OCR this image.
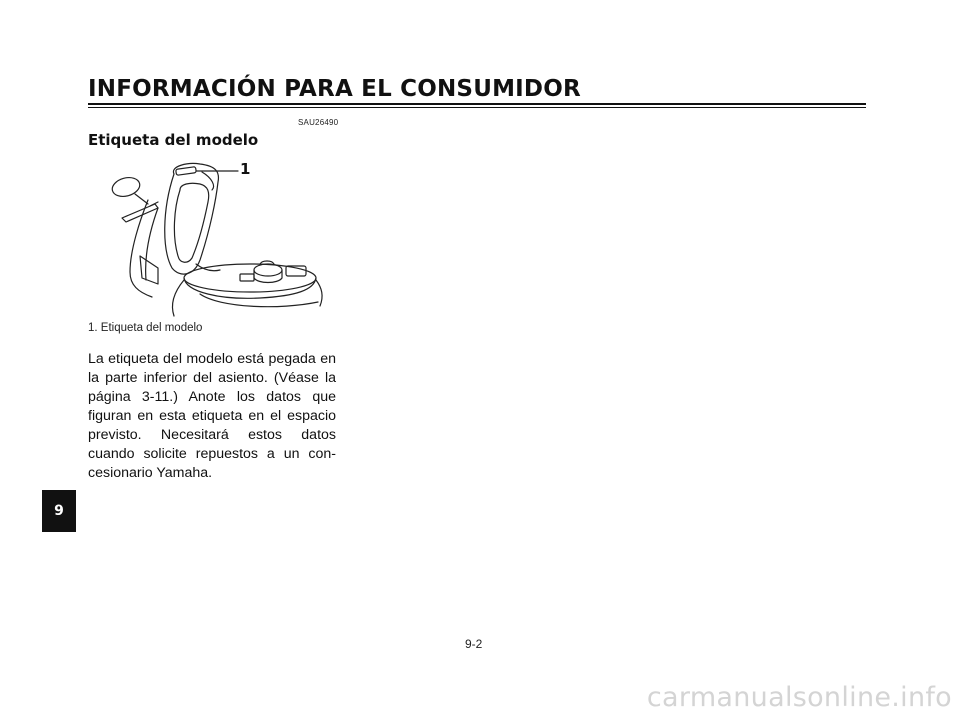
INFORMACIÓN PARA EL CONSUMIDOR
SAU26490
Etiqueta del modelo
1
1. Etiqueta del modelo
La etiqueta del modelo está pegada en la parte inferior del asiento. (Véase la página 3-11.) Anote los datos que figuran en esta etiqueta en el espacio previsto. Necesitará estos datos cuando solicite repuestos a un con-cesionario Yamaha.
9
9-2
carmanualsonline.info
